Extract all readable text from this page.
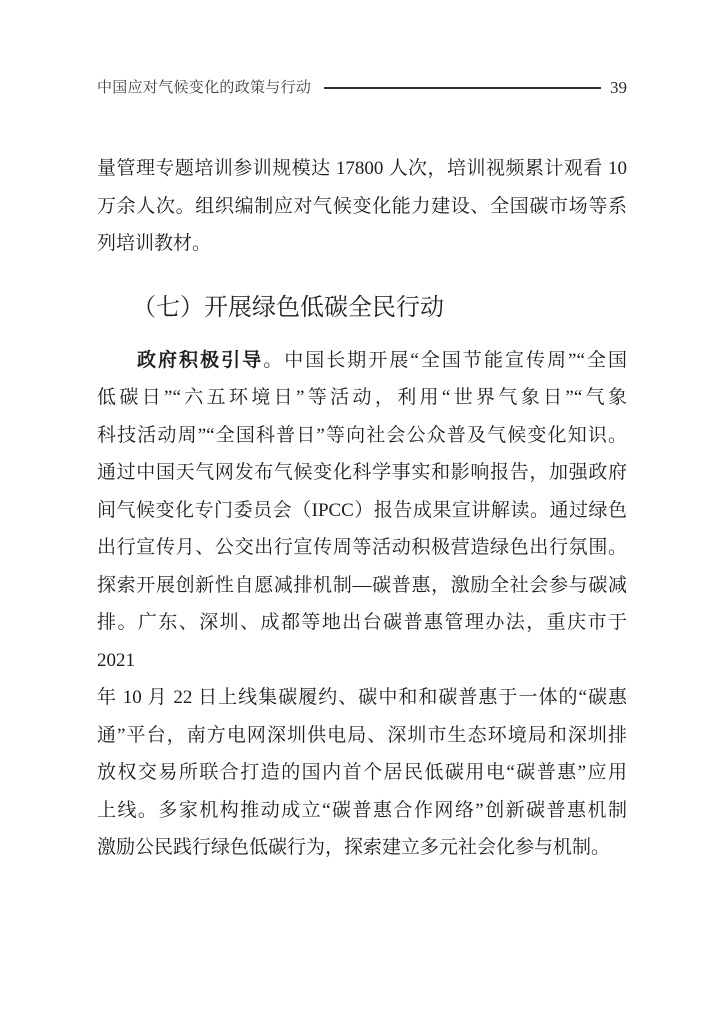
中国应对气候变化的政策与行动	39
量管理专题培训参训规模达 17800 人次，培训视频累计观看 10
万余人次。组织编制应对气候变化能力建设、全国碳市场等系
列培训教材。
（七）开展绿色低碳全民行动
政府积极引导。中国长期开展“全国节能宣传周”“全国
低碳日”“六五环境日”等活动，利用“世界气象日”“气象
科技活动周”“全国科普日”等向社会公众普及气候变化知识。
通过中国天气网发布气候变化科学事实和影响报告，加强政府
间气候变化专门委员会（IPCC）报告成果宣讲解读。通过绿色
出行宣传月、公交出行宣传周等活动积极营造绿色出行氛围。
探索开展创新性自愿减排机制—碳普惠，激励全社会参与碳减
排。广东、深圳、成都等地出台碳普惠管理办法，重庆市于 2021
年 10 月 22 日上线集碳履约、碳中和和碳普惠于一体的“碳惠
通”平台，南方电网深圳供电局、深圳市生态环境局和深圳排
放权交易所联合打造的国内首个居民低碳用电“碳普惠”应用
上线。多家机构推动成立“碳普惠合作网络”创新碳普惠机制
激励公民践行绿色低碳行为，探索建立多元社会化参与机制。
